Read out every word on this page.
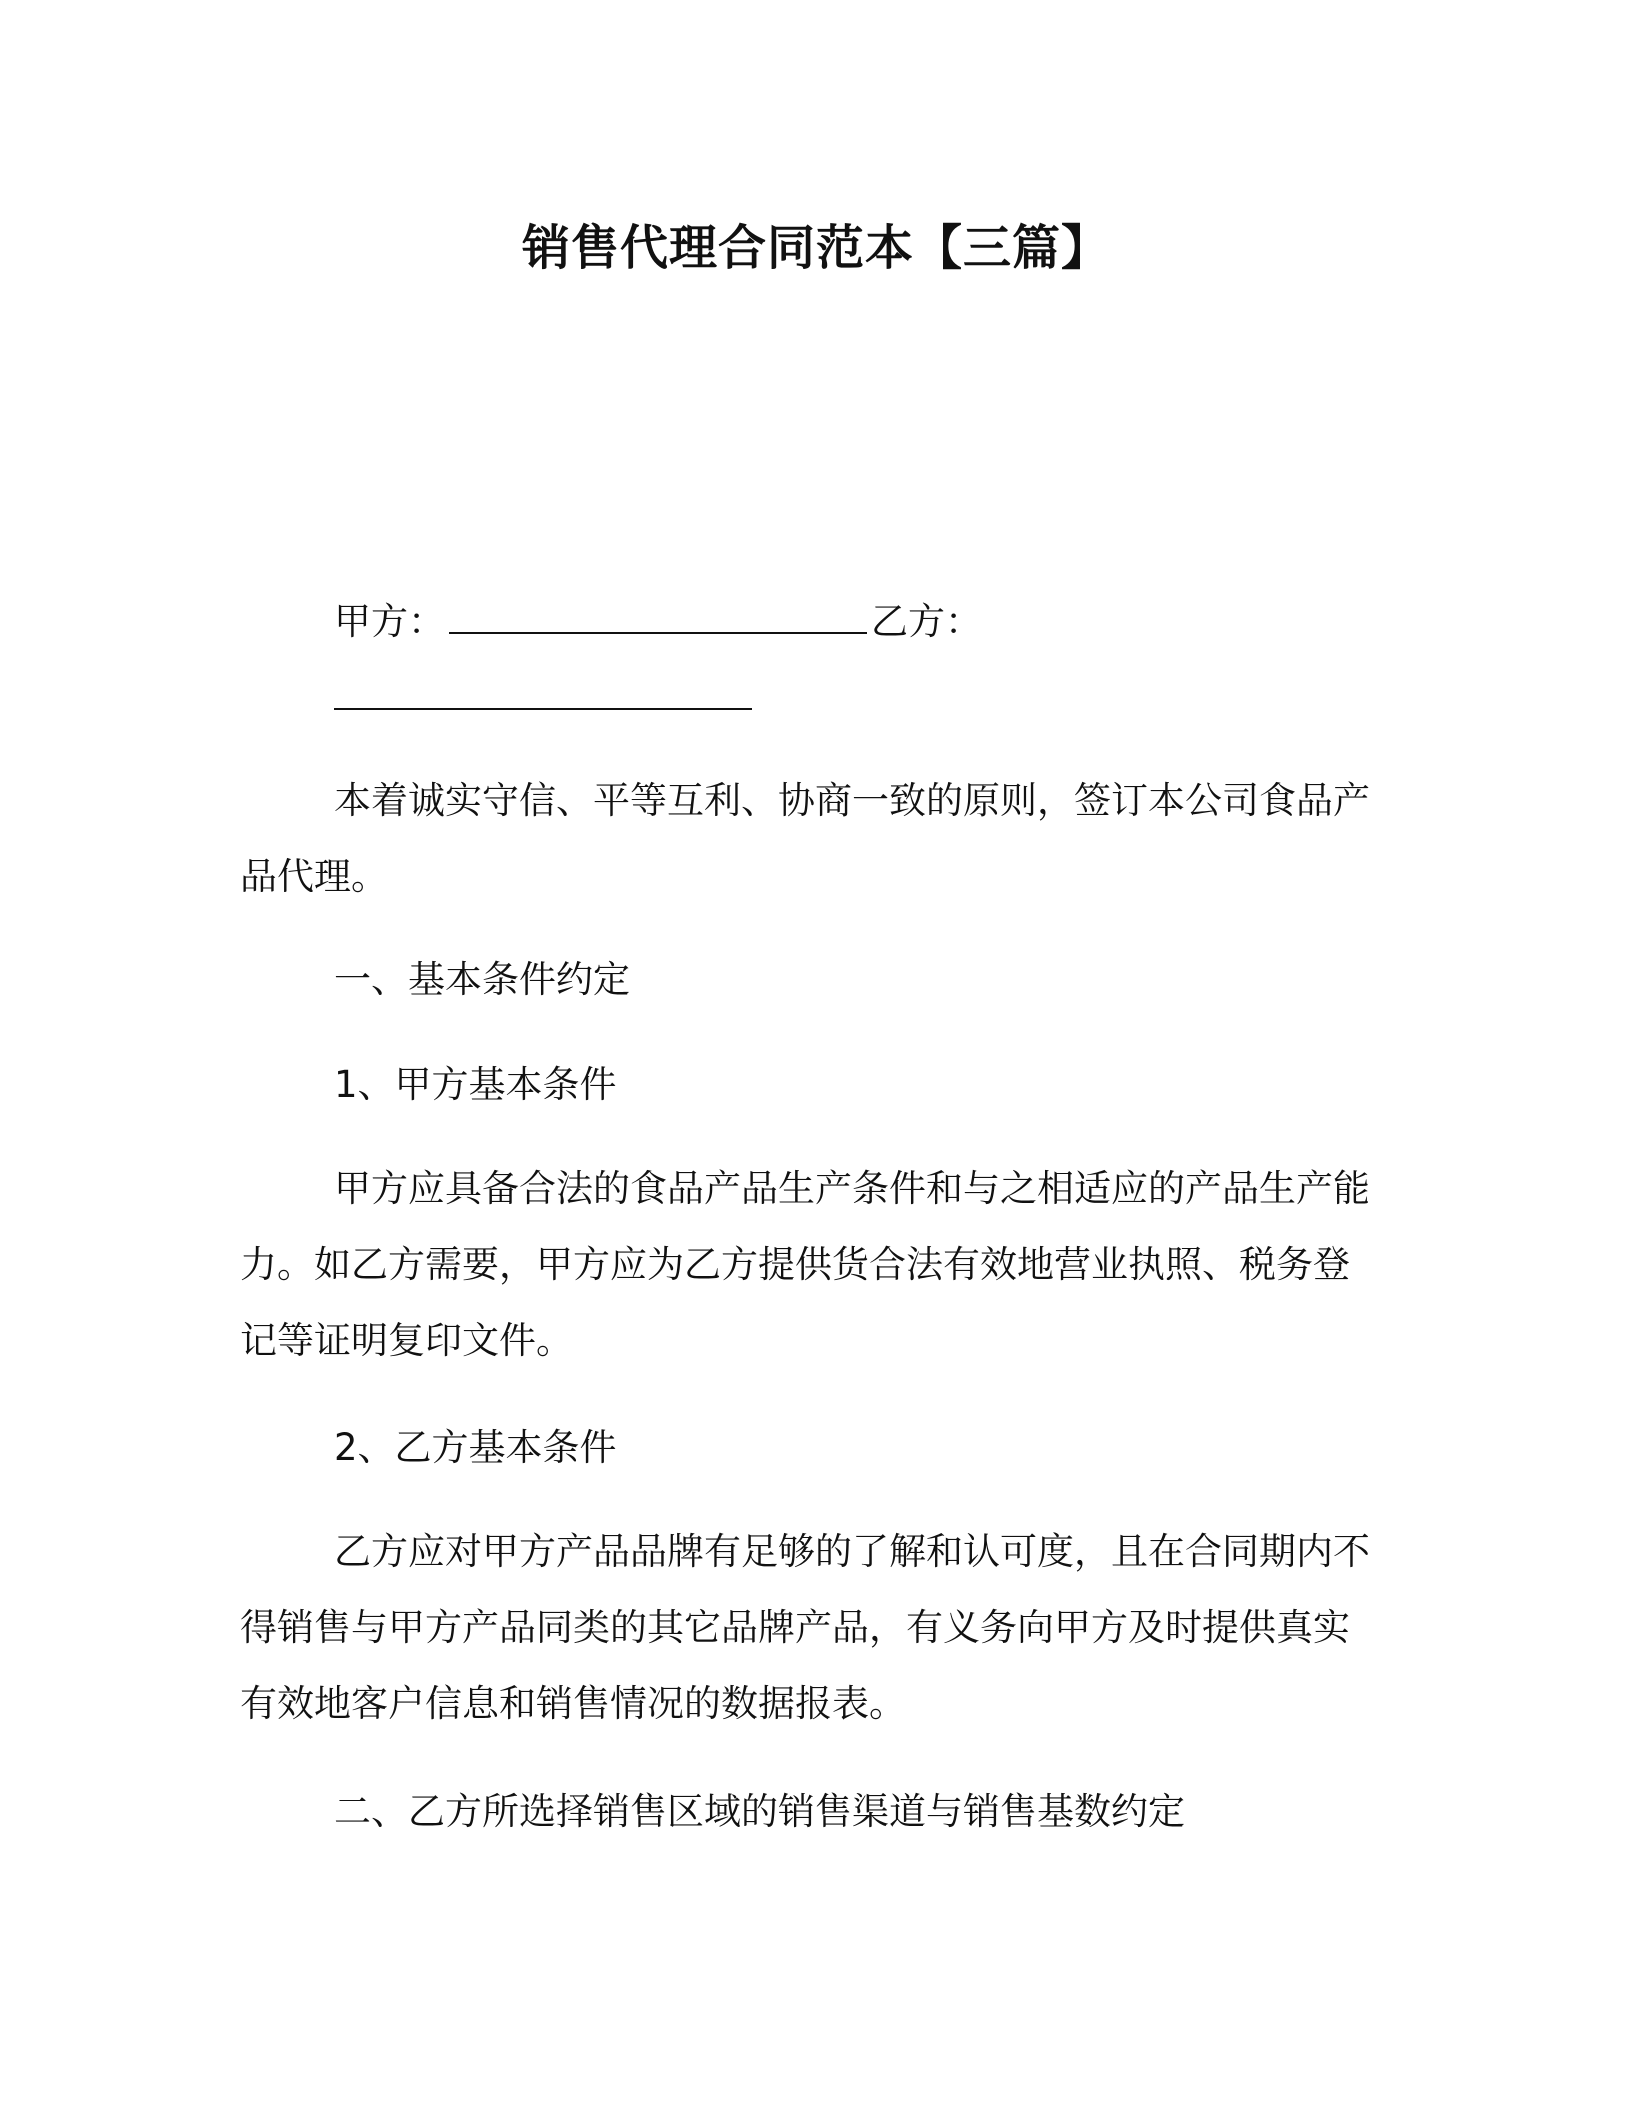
销售代理合同范本【三篇】
甲方：	乙方：

本着诚实守信、平等互利、协商一致的原则，签订本公司食品产品代理。

一、基本条件约定

1、甲方基本条件

甲方应具备合法的食品产品生产条件和与之相适应的产品生产能力。如乙方需要，甲方应为乙方提供货合法有效地营业执照、税务登记等证明复印文件。

2、乙方基本条件

乙方应对甲方产品品牌有足够的了解和认可度，且在合同期内不得销售与甲方产品同类的其它品牌产品，有义务向甲方及时提供真实有效地客户信息和销售情况的数据报表。

二、乙方所选择销售区域的销售渠道与销售基数约定
